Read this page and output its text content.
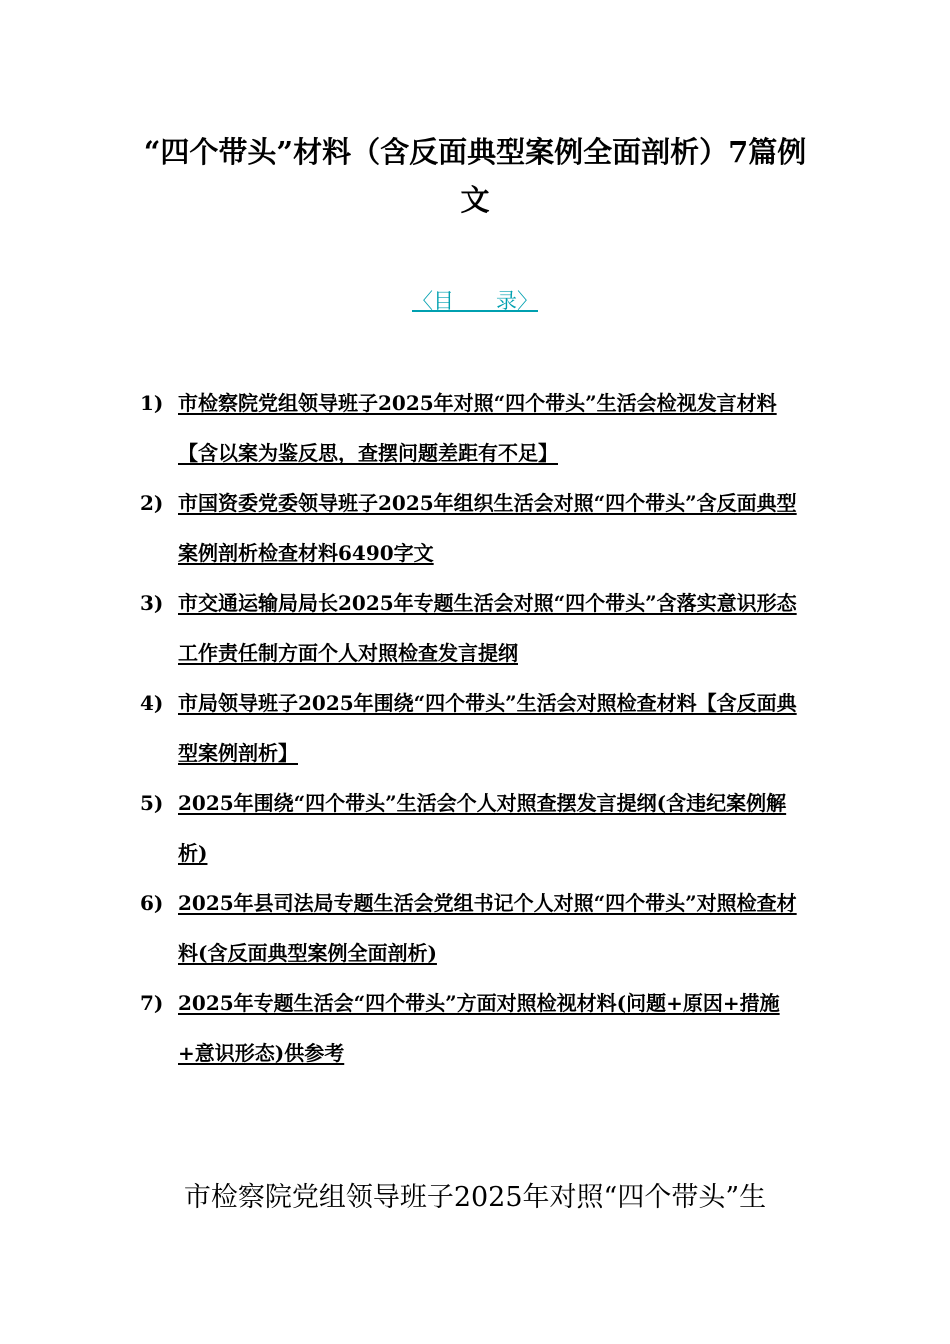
“四个带头”材料（含反面典型案例全面剖析）7篇例文
〈目　　录〉
1) 市检察院党组领导班子2025年对照“四个带头”生活会检视发言材料【含以案为鉴反思，查摆问题差距有不足】
2) 市国资委党委领导班子2025年组织生活会对照“四个带头”含反面典型案例剖析检查材料6490字文
3) 市交通运输局局长2025年专题生活会对照“四个带头”含落实意识形态工作责任制方面个人对照检查发言提纲
4) 市局领导班子2025年围绕“四个带头”生活会对照检查材料【含反面典型案例剖析】
5) 2025年围绕“四个带头”生活会个人对照查摆发言提纲(含违纪案例解析)
6) 2025年县司法局专题生活会党组书记个人对照“四个带头”对照检查材料(含反面典型案例全面剖析)
7) 2025年专题生活会“四个带头”方面对照检视材料(问题+原因+措施+意识形态)供参考
市检察院党组领导班子2025年对照“四个带头”生
